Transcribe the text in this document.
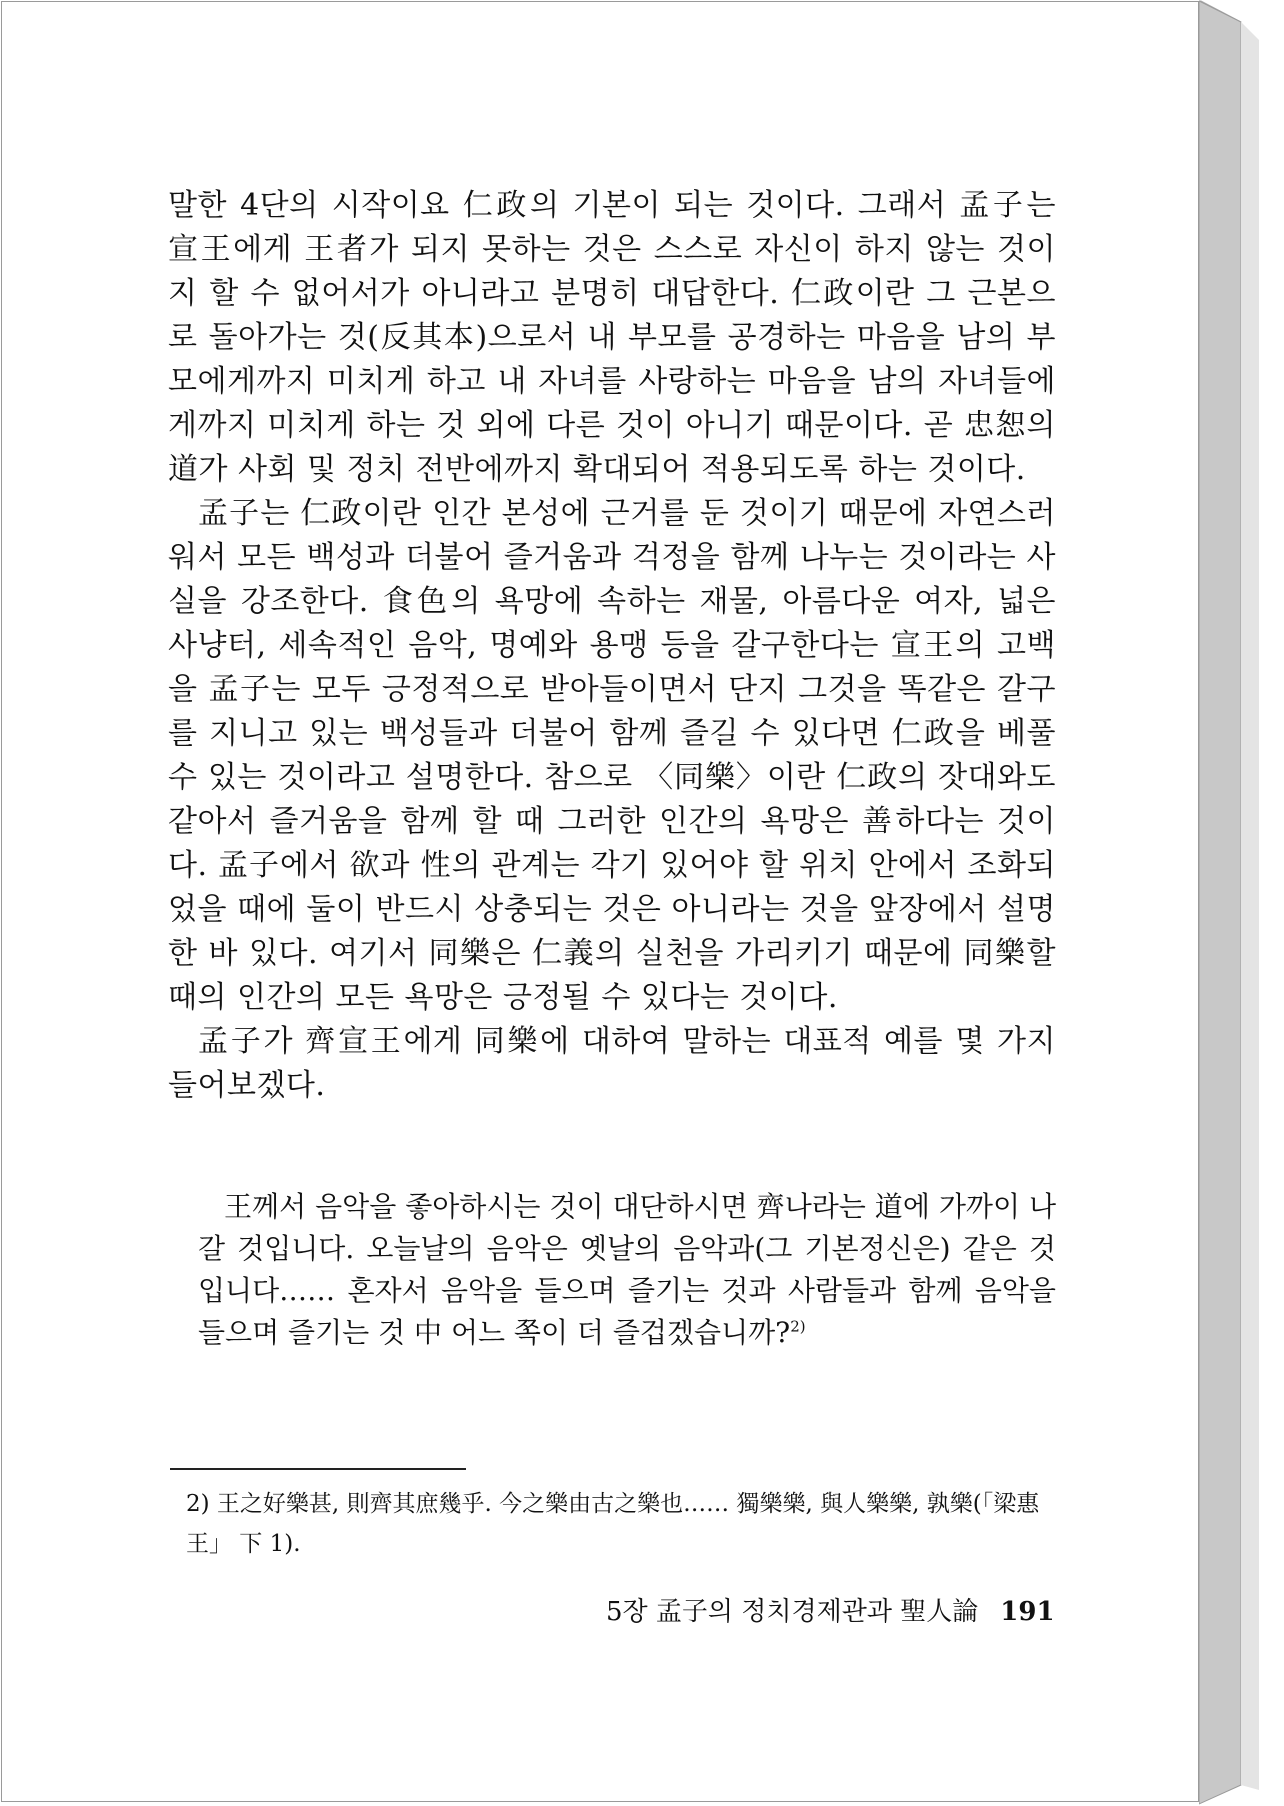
말한 4단의 시작이요 仁政의 기본이 되는 것이다. 그래서 孟子는 宣王에게 王者가 되지 못하는 것은 스스로 자신이 하지 않는 것이지 할 수 없어서가 아니라고 분명히 대답한다. 仁政이란 그 근본으로 돌아가는 것(反其本)으로서 내 부모를 공경하는 마음을 남의 부모에게까지 미치게 하고 내 자녀를 사랑하는 마음을 남의 자녀들에게까지 미치게 하는 것 외에 다른 것이 아니기 때문이다. 곧 忠恕의 道가 사회 및 정치 전반에까지 확대되어 적용되도록 하는 것이다.

孟子는 仁政이란 인간 본성에 근거를 둔 것이기 때문에 자연스러워서 모든 백성과 더불어 즐거움과 걱정을 함께 나누는 것이라는 사실을 강조한다. 食色의 욕망에 속하는 재물, 아름다운 여자, 넓은 사냥터, 세속적인 음악, 명예와 용맹 등을 갈구한다는 宣王의 고백을 孟子는 모두 긍정적으로 받아들이면서 단지 그것을 똑같은 갈구를 지니고 있는 백성들과 더불어 함께 즐길 수 있다면 仁政을 베풀수 있는 것이라고 설명한다. 참으로 〈同樂〉이란 仁政의 잣대와도 같아서 즐거움을 함께 할 때 그러한 인간의 욕망은 善하다는 것이다. 孟子에서 欲과 性의 관계는 각기 있어야 할 위치 안에서 조화되었을 때에 둘이 반드시 상충되는 것은 아니라는 것을 앞장에서 설명한 바 있다. 여기서 同樂은 仁義의 실천을 가리키기 때문에 同樂할 때의 인간의 모든 욕망은 긍정될 수 있다는 것이다.

孟子가 齊宣王에게 同樂에 대하여 말하는 대표적 예를 몇 가지 들어보겠다.

王께서 음악을 좋아하시는 것이 대단하시면 齊나라는 道에 가까이 나갈 것입니다. 오늘날의 음악은 옛날의 음악과(그 기본정신은) 같은 것입니다…… 혼자서 음악을 들으며 즐기는 것과 사람들과 함께 음악을 들으며 즐기는 것 中 어느 쪽이 더 즐겁겠습니까?$^{2)}$

2) 王之好樂甚, 則齊其庶幾乎. 今之樂由古之樂也…… 獨樂樂, 與人樂樂, 孰樂(「梁惠王」 下 1).

5장 孟子의 정치경제관과 聖人論 191
